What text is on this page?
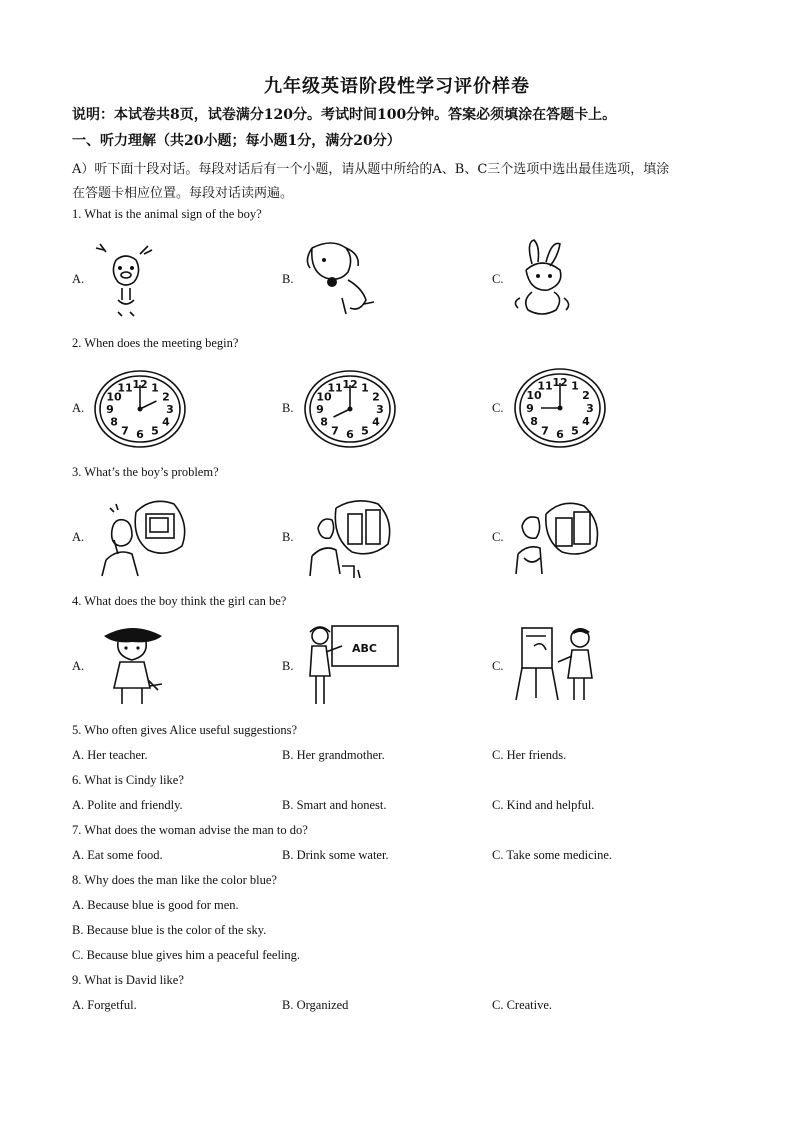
九年级英语阶段性学习评价样卷
说明：本试卷共8页，试卷满分120分。考试时间100分钟。答案必须填涂在答题卡上。
一、听力理解（共20小题；每小题1分，满分20分）
A）听下面十段对话。每段对话后有一个小题，请从题中所给的A、B、C三个选项中选出最佳选项，填涂
在答题卡相应位置。每段对话读两遍。
1. What is the animal sign of the boy?
A.	B.	C.
2. When does the meeting begin?
A.	B.	C.
12 1
2
3
4
5
6
7
8
9
10
11	12 1
2
3
4
5
6
7
8
9
10
11	12 1
2
3
4
5
6
7
8
9
10
11
3. What’s the boy’s problem?
A.	B.	C.
4. What does the boy think the girl can be?
A.	B.	C.
ABC
5. Who often gives Alice useful suggestions?
A. Her teacher.	B. Her grandmother.	C. Her friends.
6. What is Cindy like?
A. Polite and friendly.	B. Smart and honest.	C. Kind and helpful.
7. What does the woman advise the man to do?
A. Eat some food.	B. Drink some water.	C. Take some medicine.
8. Why does the man like the color blue?
A. Because blue is good for men.
B. Because blue is the color of the sky.
C. Because blue gives him a peaceful feeling.
9. What is David like?
A. Forgetful.	B. Organized	C. Creative.
